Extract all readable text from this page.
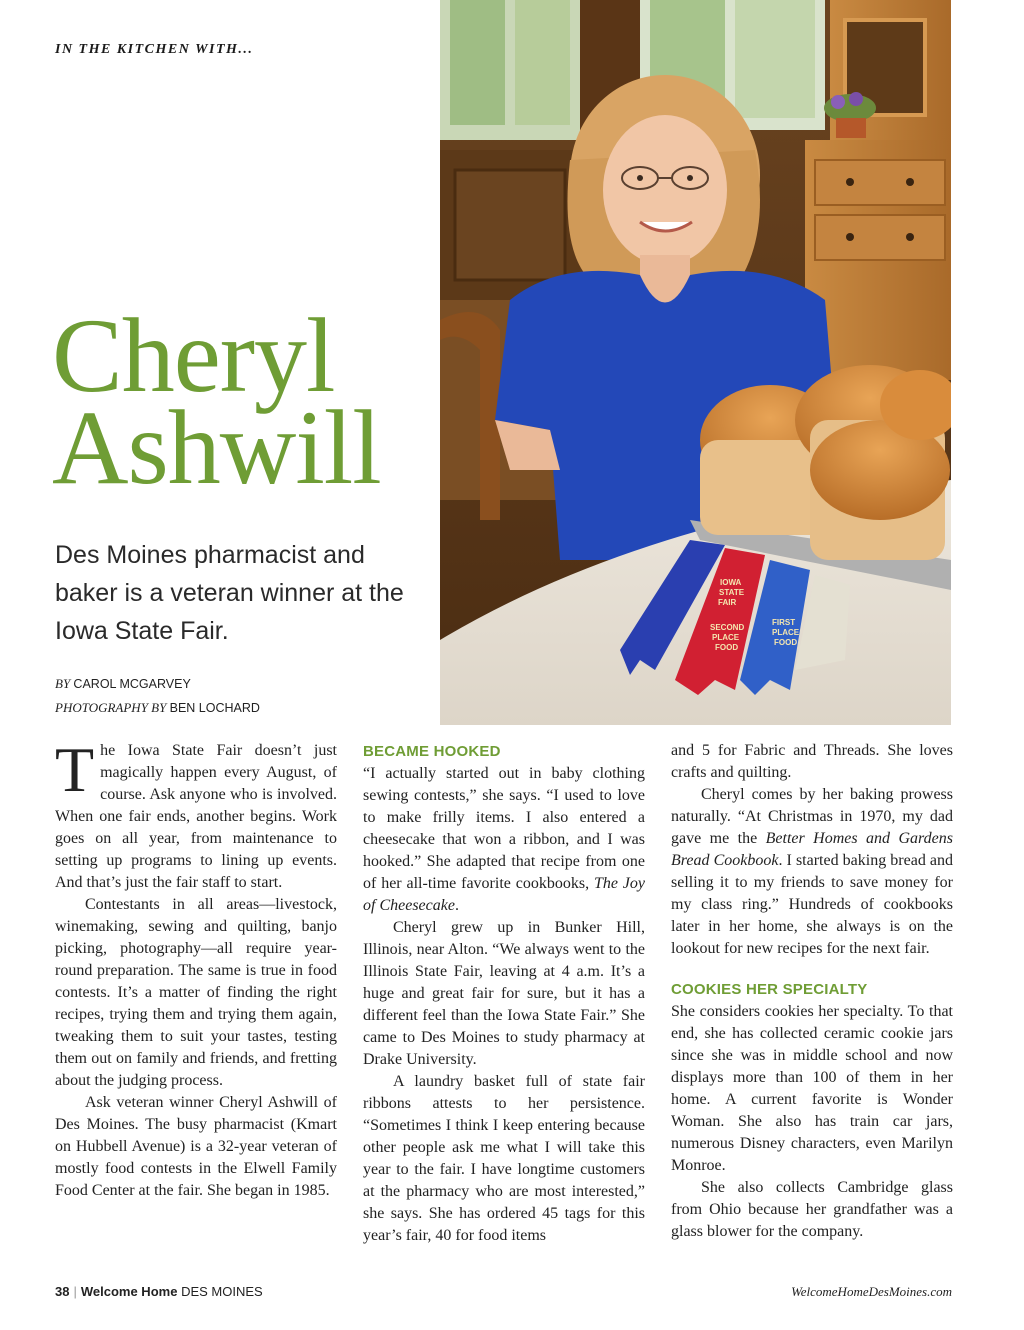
IN THE KITCHEN WITH...
Cheryl
Ashwill

Des Moines pharmacist and baker is a veteran winner at the Iowa State Fair.

BY CAROL MCGARVEY
PHOTOGRAPHY BY BEN LOCHARD
IOWA
STATE
FAIR
SECOND
PLACE
FOOD
FIRST
PLACE
FOOD

The Iowa State Fair doesn’t just magically happen every August, of course. Ask anyone who is involved. When one fair ends, another begins. Work goes on all year, from maintenance to setting up programs to lining up events. And that’s just the fair staff to start.

Contestants in all areas—livestock, winemaking, sewing and quilting, banjo picking, photography—all require year-round preparation. The same is true in food contests. It’s a matter of finding the right recipes, trying them and trying them again, tweaking them to suit your tastes, testing them out on family and friends, and fretting about the judging process.

Ask veteran winner Cheryl Ashwill of Des Moines. The busy pharmacist (Kmart on Hubbell Avenue) is a 32-year veteran of mostly food contests in the Elwell Family Food Center at the fair. She began in 1985.

BECAME HOOKED

“I actually started out in baby clothing sewing contests,” she says. “I used to love to make frilly items. I also entered a cheesecake that won a ribbon, and I was hooked.” She adapted that recipe from one of her all-time favorite cookbooks, The Joy of Cheesecake.

Cheryl grew up in Bunker Hill, Illinois, near Alton. “We always went to the Illinois State Fair, leaving at 4 a.m. It’s a huge and great fair for sure, but it has a different feel than the Iowa State Fair.” She came to Des Moines to study pharmacy at Drake University.

A laundry basket full of state fair ribbons attests to her persistence. “Sometimes I think I keep entering because other people ask me what I will take this year to the fair. I have longtime customers at the pharmacy who are most interested,” she says. She has ordered 45 tags for this year’s fair, 40 for food items

and 5 for Fabric and Threads. She loves crafts and quilting.

Cheryl comes by her baking prowess naturally. “At Christmas in 1970, my dad gave me the Better Homes and Gardens Bread Cookbook. I started baking bread and selling it to my friends to save money for my class ring.” Hundreds of cookbooks later in her home, she always is on the lookout for new recipes for the next fair.

COOKIES HER SPECIALTY

She considers cookies her specialty. To that end, she has collected ceramic cookie jars since she was in middle school and now displays more than 100 of them in her home. A current favorite is Wonder Woman. She also has train car jars, numerous Disney characters, even Marilyn Monroe.

She also collects Cambridge glass from Ohio because her grandfather was a glass blower for the company.

38 | Welcome Home DES MOINES	WelcomeHomeDesMoines.com
